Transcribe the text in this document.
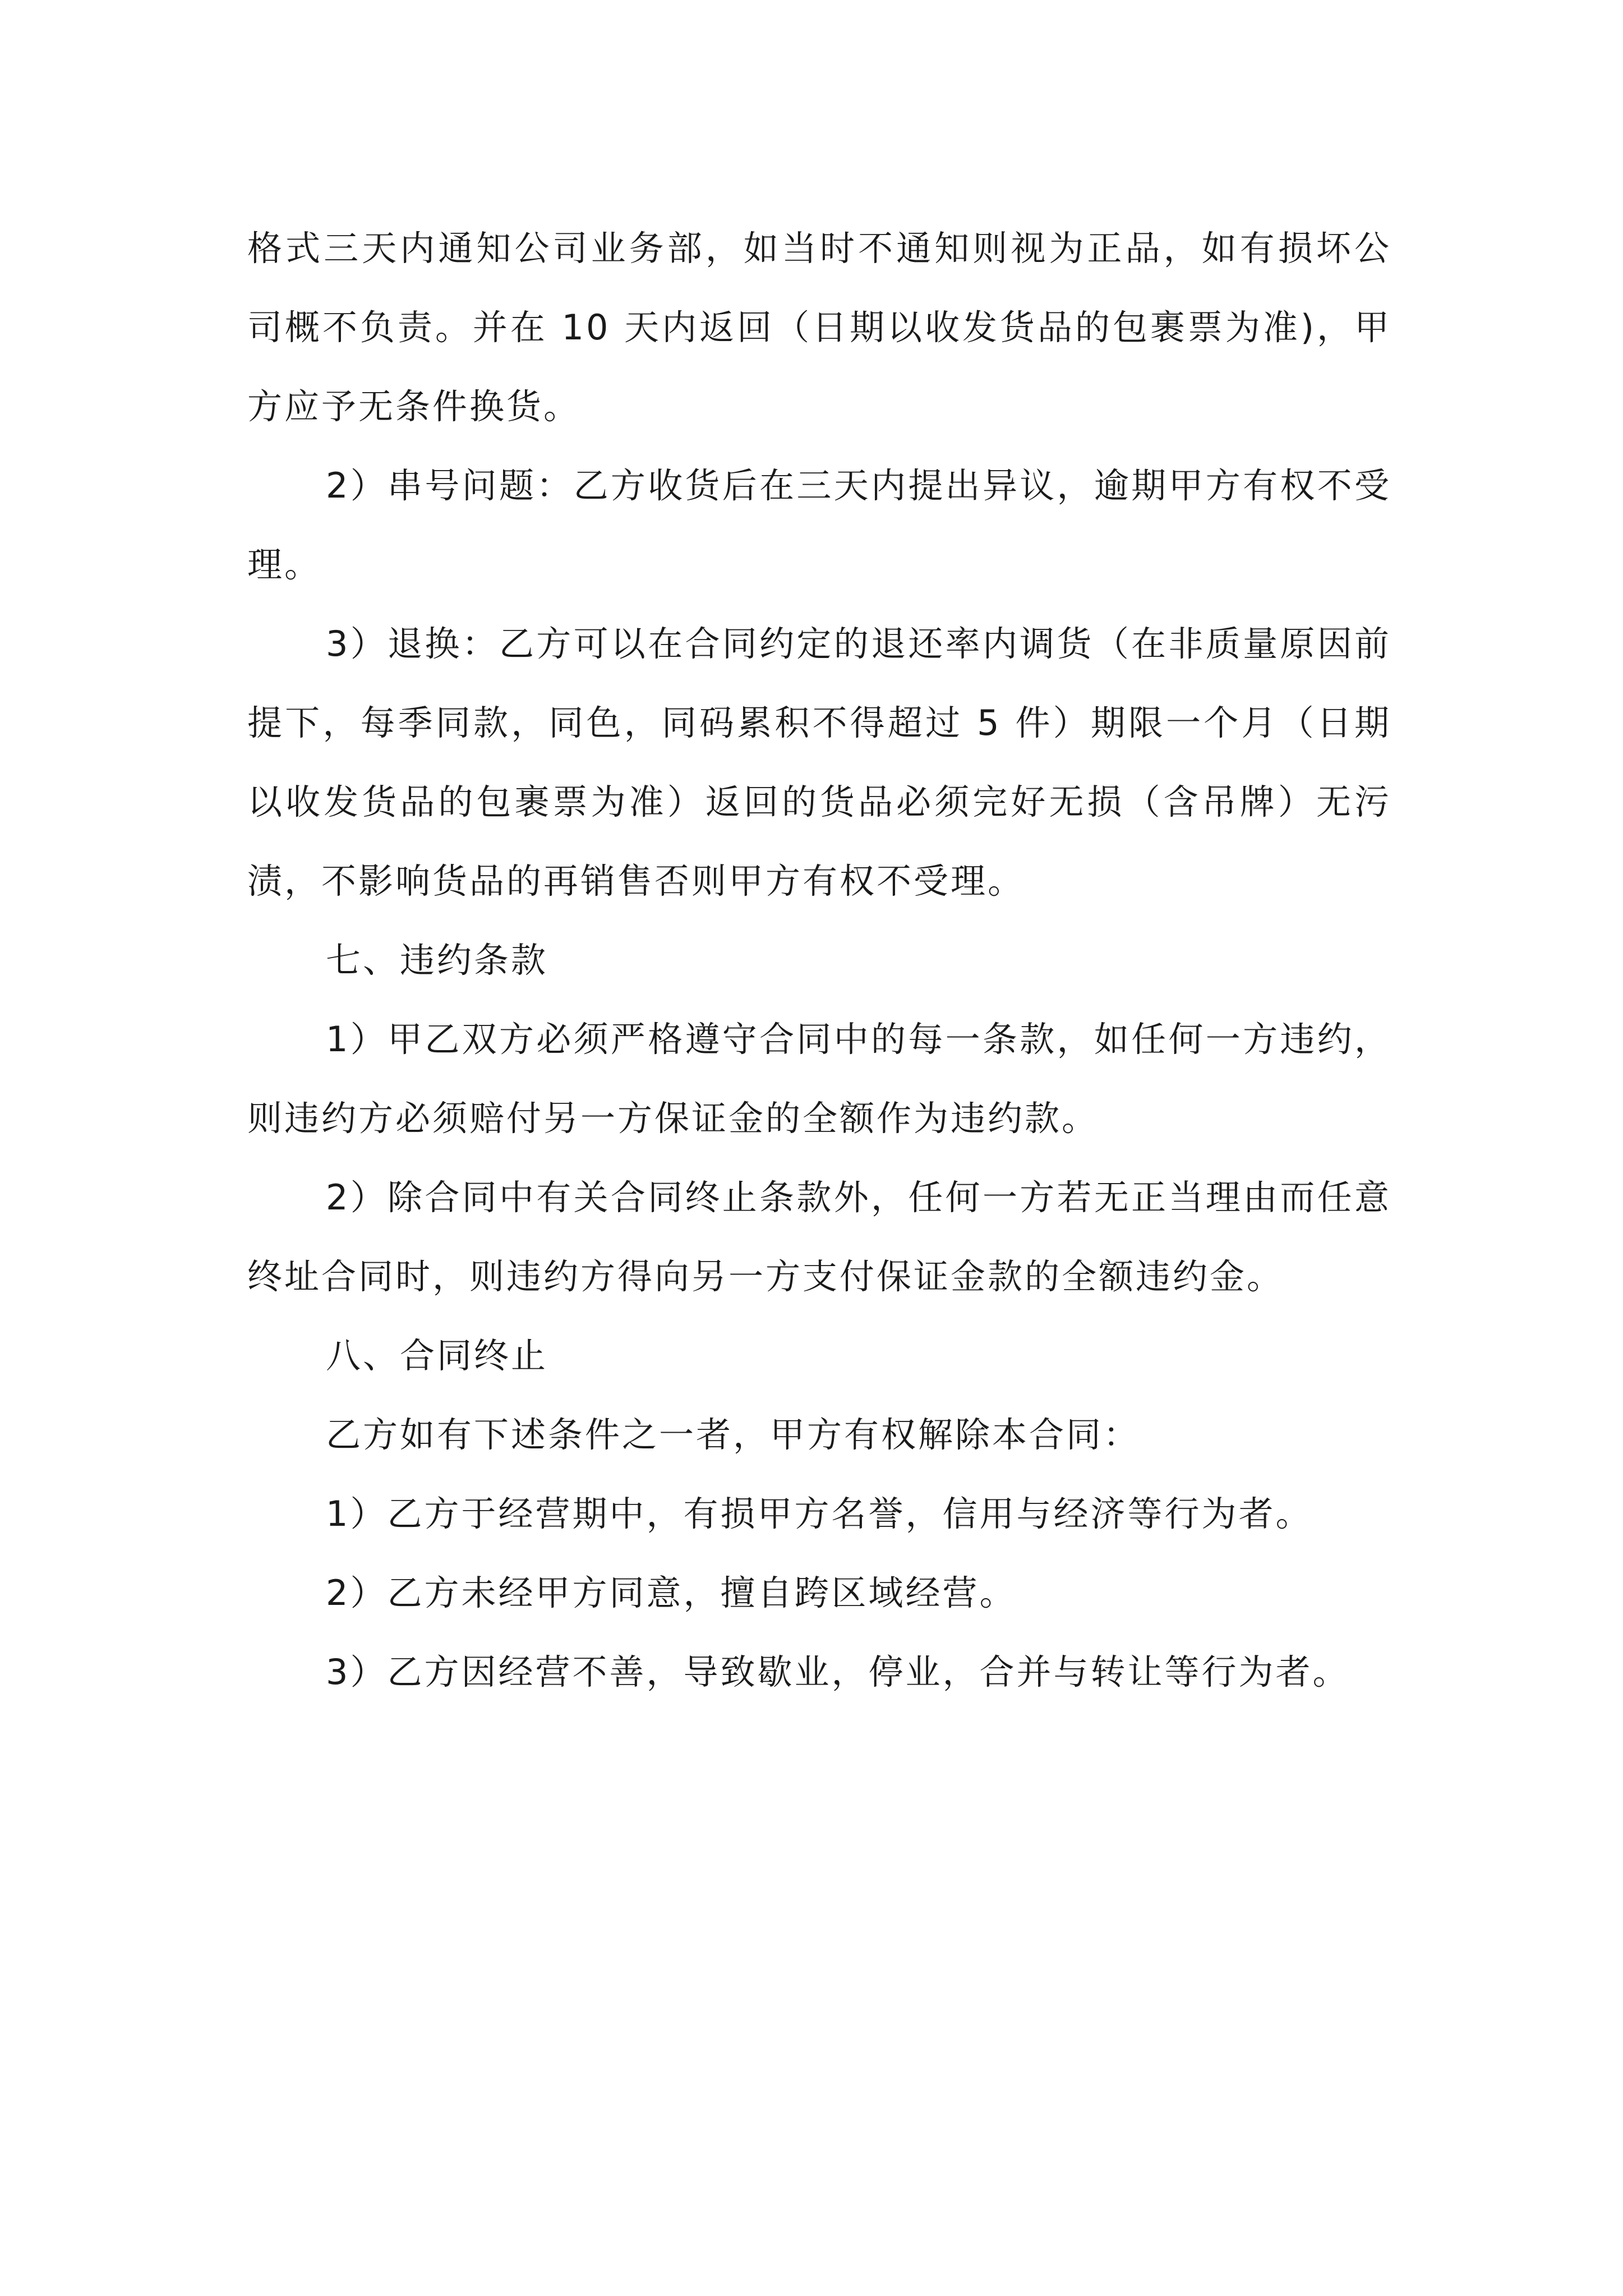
格式三天内通知公司业务部，如当时不通知则视为正品，如有损坏公司概不负责。并在 10 天内返回（日期以收发货品的包裹票为准)，甲方应予无条件换货。

2）串号问题：乙方收货后在三天内提出异议，逾期甲方有权不受理。

3）退换：乙方可以在合同约定的退还率内调货（在非质量原因前提下，每季同款，同色，同码累积不得超过 5 件）期限一个月（日期以收发货品的包裹票为准）返回的货品必须完好无损（含吊牌）无污渍，不影响货品的再销售否则甲方有权不受理。

七、违约条款

1）甲乙双方必须严格遵守合同中的每一条款，如任何一方违约，则违约方必须赔付另一方保证金的全额作为违约款。

2）除合同中有关合同终止条款外，任何一方若无正当理由而任意终址合同时，则违约方得向另一方支付保证金款的全额违约金。

八、合同终止

乙方如有下述条件之一者，甲方有权解除本合同：

1）乙方于经营期中，有损甲方名誉，信用与经济等行为者。

2）乙方未经甲方同意，擅自跨区域经营。

3）乙方因经营不善，导致歇业，停业，合并与转让等行为者。
